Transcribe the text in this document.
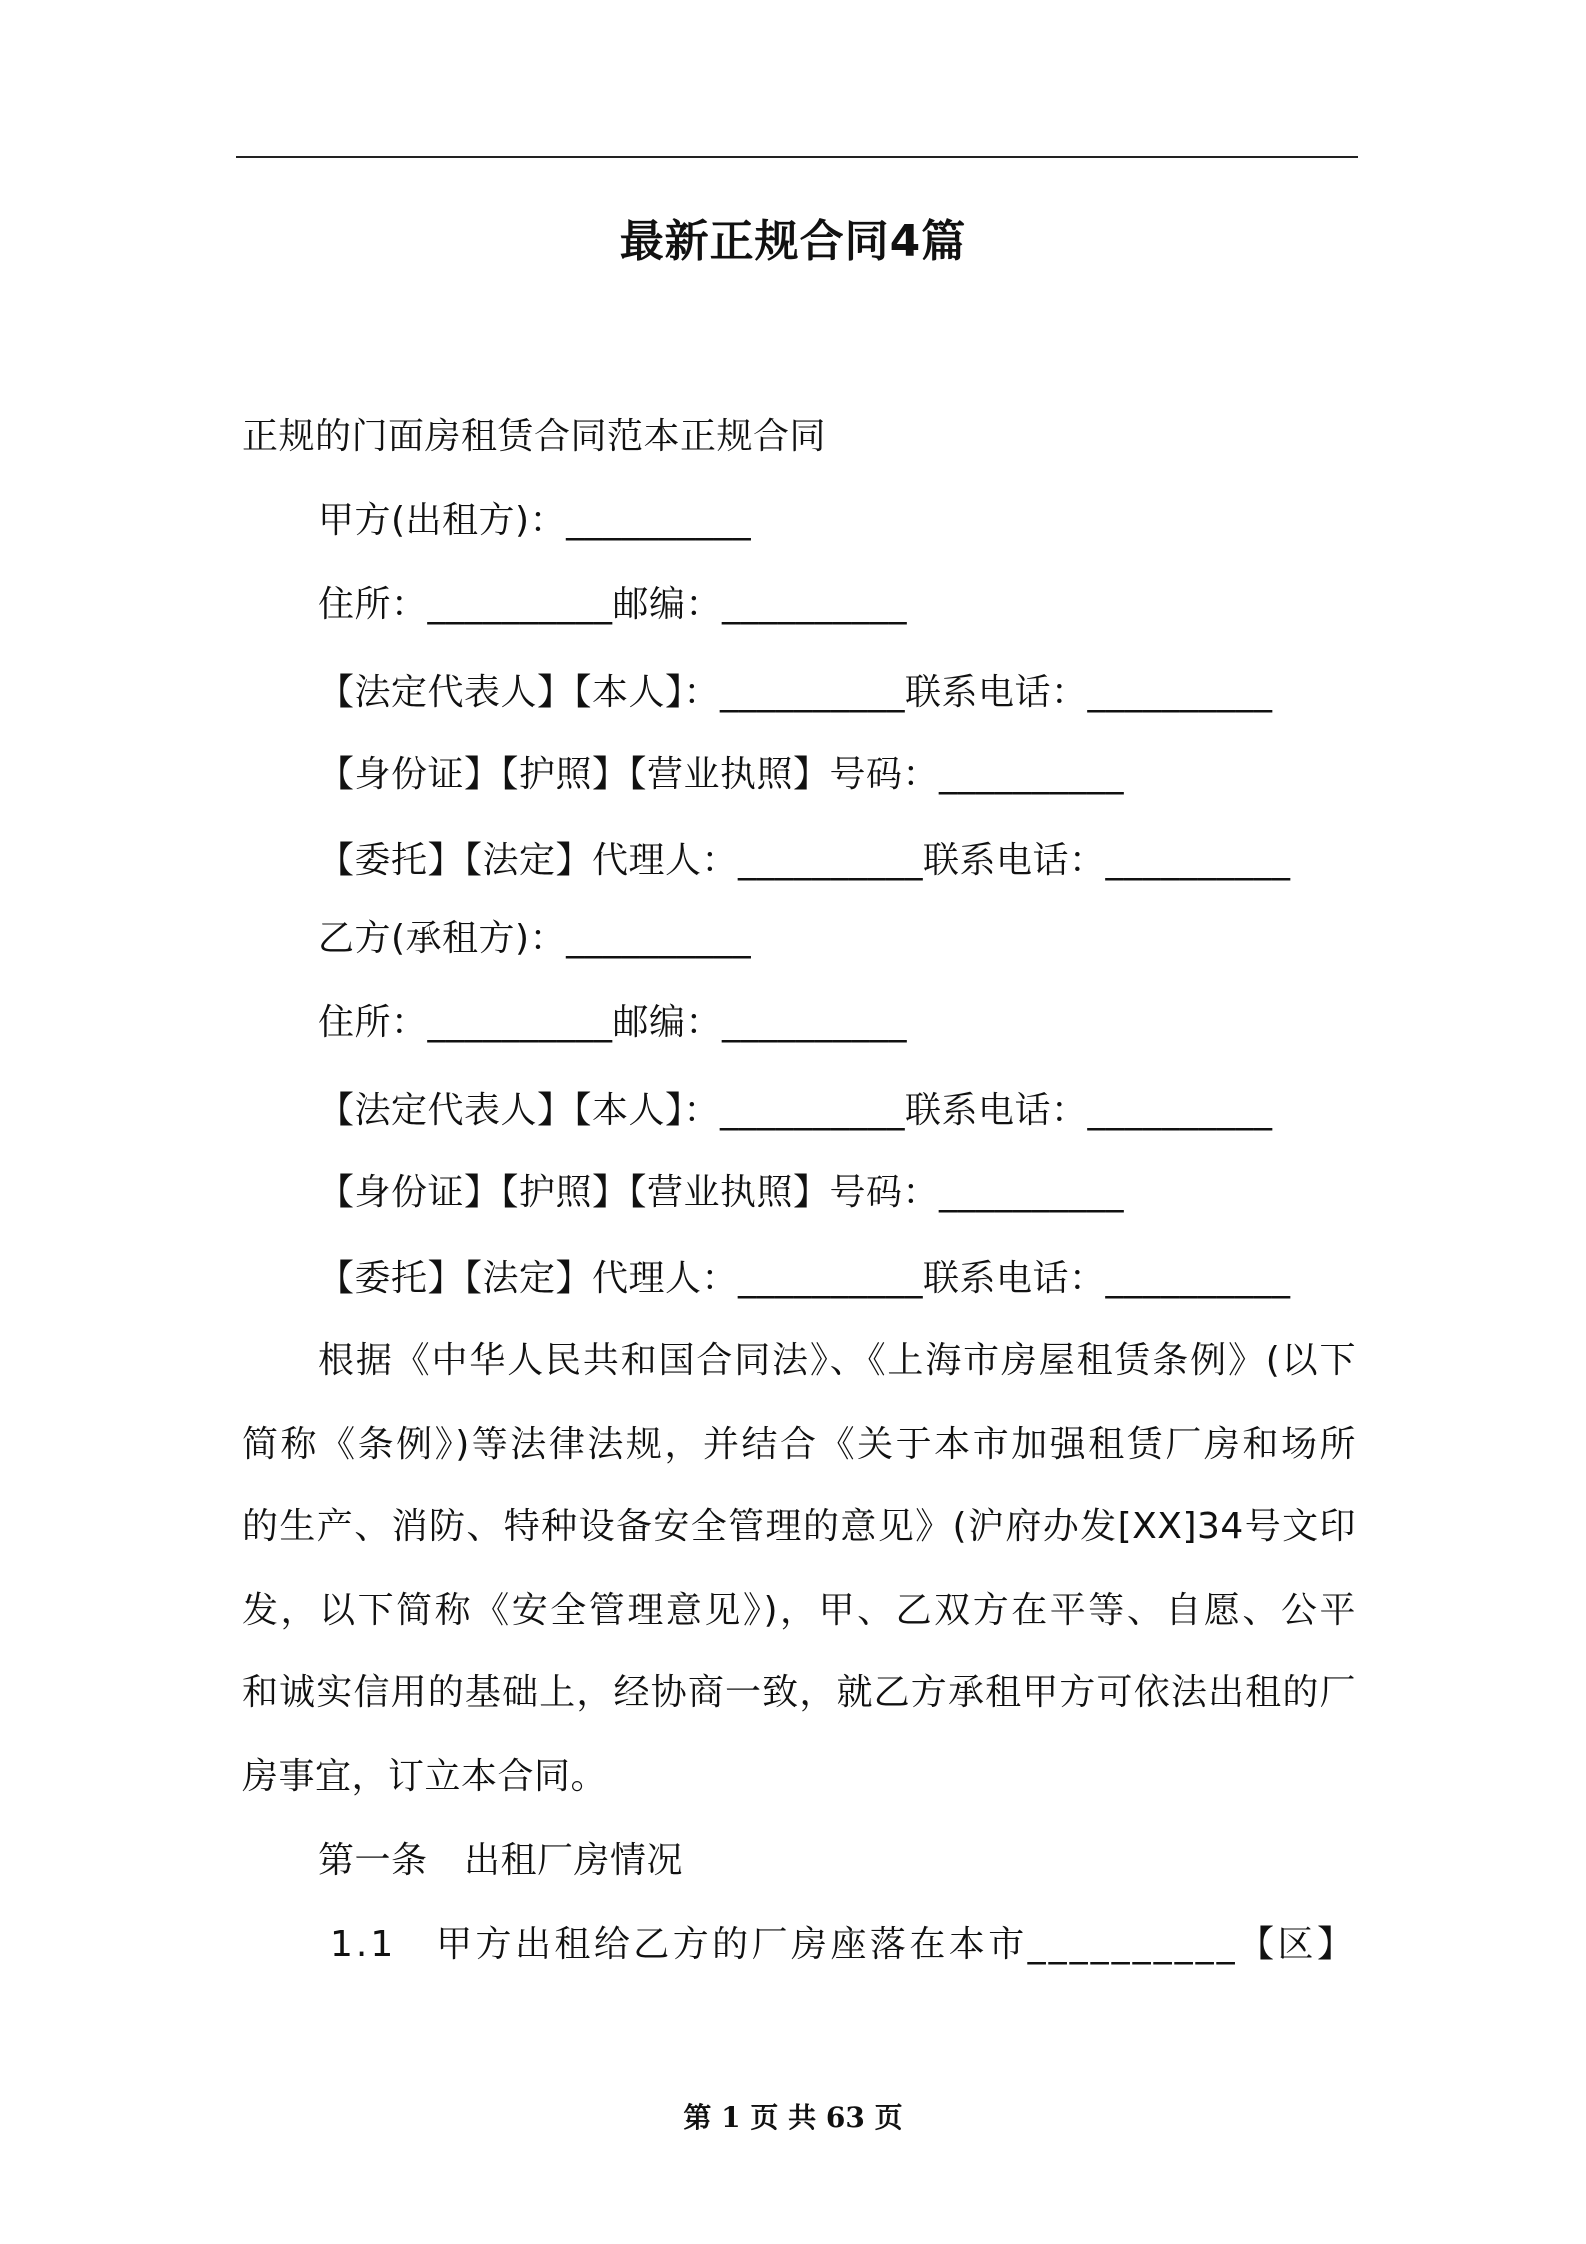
最新正规合同4篇
正规的门面房租赁合同范本正规合同
甲方(出租方)：__________
住所：__________邮编：__________
【法定代表人】【本人】：__________联系电话：__________
【身份证】【护照】【营业执照】号码：__________
【委托】【法定】代理人：__________联系电话：__________
乙方(承租方)：__________
住所：__________邮编：__________
【法定代表人】【本人】：__________联系电话：__________
【身份证】【护照】【营业执照】号码：__________
【委托】【法定】代理人：__________联系电话：__________
根据《中华人民共和国合同法》、《上海市房屋租赁条例》(以下
简称《条例》)等法律法规，并结合《关于本市加强租赁厂房和场所
的生产、消防、特种设备安全管理的意见》(沪府办发[XX]34号文印
发，以下简称《安全管理意见》)，甲、乙双方在平等、自愿、公平
和诚实信用的基础上，经协商一致，就乙方承租甲方可依法出租的厂
房事宜，订立本合同。
第一条　出租厂房情况
1.1　甲方出租给乙方的厂房座落在本市__________【区】
第 1 页 共 63 页
